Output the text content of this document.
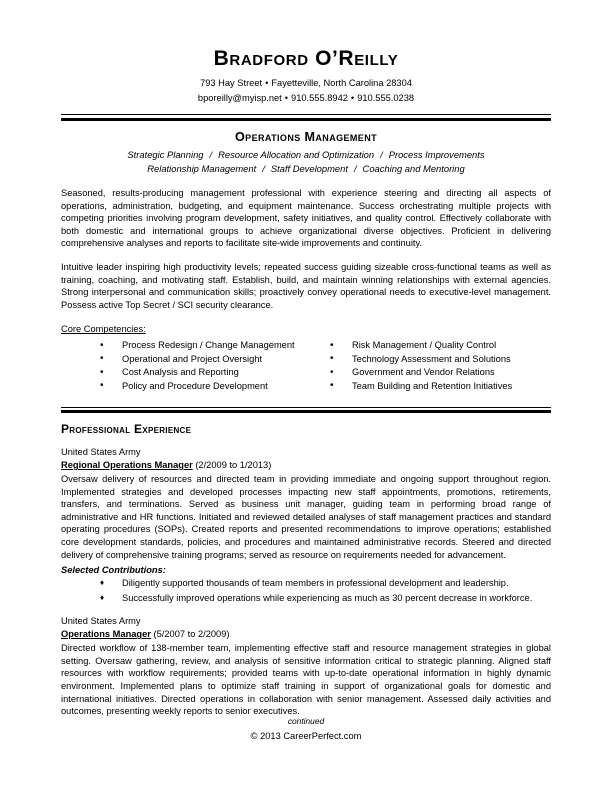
Bradford O’Reilly
793 Hay Street • Fayetteville, North Carolina 28304
bporeilly@myisp.net • 910.555.8942 • 910.555.0238
Operations Management
Strategic Planning / Resource Allocation and Optimization / Process Improvements
Relationship Management / Staff Development / Coaching and Mentoring
Seasoned, results-producing management professional with experience steering and directing all aspects of operations, administration, budgeting, and equipment maintenance. Success orchestrating multiple projects with competing priorities involving program development, safety initiatives, and quality control. Effectively collaborate with both domestic and international groups to achieve organizational diverse objectives. Proficient in delivering comprehensive analyses and reports to facilitate site-wide improvements and continuity.
Intuitive leader inspiring high productivity levels; repeated success guiding sizeable cross-functional teams as well as training, coaching, and motivating staff. Establish, build, and maintain winning relationships with external agencies. Strong interpersonal and communication skills; proactively convey operational needs to executive-level management. Possess active Top Secret / SCI security clearance.
Core Competencies:
• Process Redesign / Change Management
• Operational and Project Oversight
• Cost Analysis and Reporting
• Policy and Procedure Development
• Risk Management / Quality Control
• Technology Assessment and Solutions
• Government and Vendor Relations
• Team Building and Retention Initiatives
Professional Experience
United States Army
Regional Operations Manager (2/2009 to 1/2013)
Oversaw delivery of resources and directed team in providing immediate and ongoing support throughout region. Implemented strategies and developed processes impacting new staff appointments, promotions, retirements, transfers, and terminations. Served as business unit manager, guiding team in performing broad range of administrative and HR functions. Initiated and reviewed detailed analyses of staff management practices and standard operating procedures (SOPs). Created reports and presented recommendations to improve operations; established core development standards, policies, and procedures and maintained administrative records. Steered and directed delivery of comprehensive training programs; served as resource on requirements needed for advancement.
Selected Contributions:
♦ Diligently supported thousands of team members in professional development and leadership.
♦ Successfully improved operations while experiencing as much as 30 percent decrease in workforce.
United States Army
Operations Manager (5/2007 to 2/2009)
Directed workflow of 138-member team, implementing effective staff and resource management strategies in global setting. Oversaw gathering, review, and analysis of sensitive information critical to strategic planning. Aligned staff resources with workflow requirements; provided teams with up-to-date operational information in highly dynamic environment. Implemented plans to optimize staff training in support of organizational goals for domestic and international initiatives. Directed operations in collaboration with senior management. Assessed daily activities and outcomes, presenting weekly reports to senior executives.
continued
© 2013 CareerPerfect.com
